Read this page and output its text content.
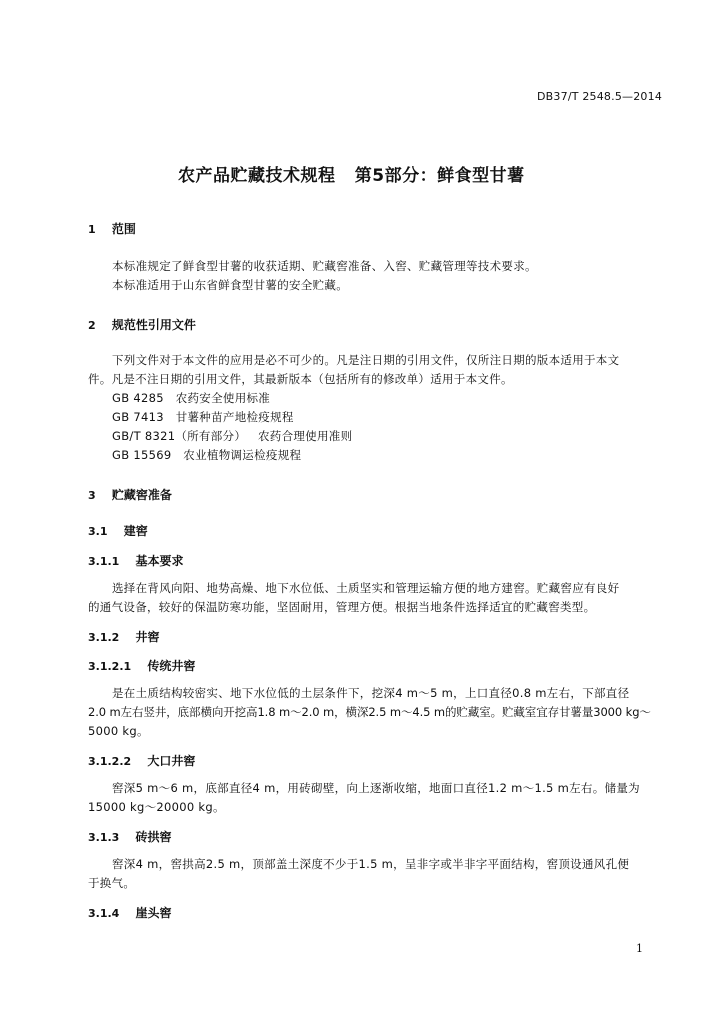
DB37/T 2548.5—2014
农产品贮藏技术规程   第5部分：鲜食型甘薯
1 范围
本标准规定了鲜食型甘薯的收获适期、贮藏窖准备、入窖、贮藏管理等技术要求。
本标准适用于山东省鲜食型甘薯的安全贮藏。
2 规范性引用文件
下列文件对于本文件的应用是必不可少的。凡是注日期的引用文件，仅所注日期的版本适用于本文
件。凡是不注日期的引用文件，其最新版本（包括所有的修改单）适用于本文件。
GB 4285   农药安全使用标准
GB 7413   甘薯种苗产地检疫规程
GB/T 8321（所有部分）   农药合理使用准则
GB 15569   农业植物调运检疫规程
3 贮藏窖准备
3.1 建窖
3.1.1 基本要求
选择在背风向阳、地势高燥、地下水位低、土质坚实和管理运输方便的地方建窖。贮藏窖应有良好
的通气设备，较好的保温防寒功能，坚固耐用，管理方便。根据当地条件选择适宜的贮藏窖类型。
3.1.2 井窖
3.1.2.1 传统井窖
是在土质结构较密实、地下水位低的土层条件下，挖深4 m～5 m，上口直径0.8 m左右，下部直径
2.0 m左右竖井，底部横向开挖高1.8 m～2.0 m，横深2.5 m～4.5 m的贮藏室。贮藏室宜存甘薯量3000 kg～
5000 kg。
3.1.2.2 大口井窖
窖深5 m～6 m，底部直径4 m，用砖砌壁，向上逐渐收缩，地面口直径1.2 m～1.5 m左右。储量为
15000 kg～20000 kg。
3.1.3 砖拱窖
窖深4 m，窖拱高2.5 m，顶部盖土深度不少于1.5 m，呈非字或半非字平面结构，窖顶设通风孔便
于换气。
3.1.4 崖头窖
1
